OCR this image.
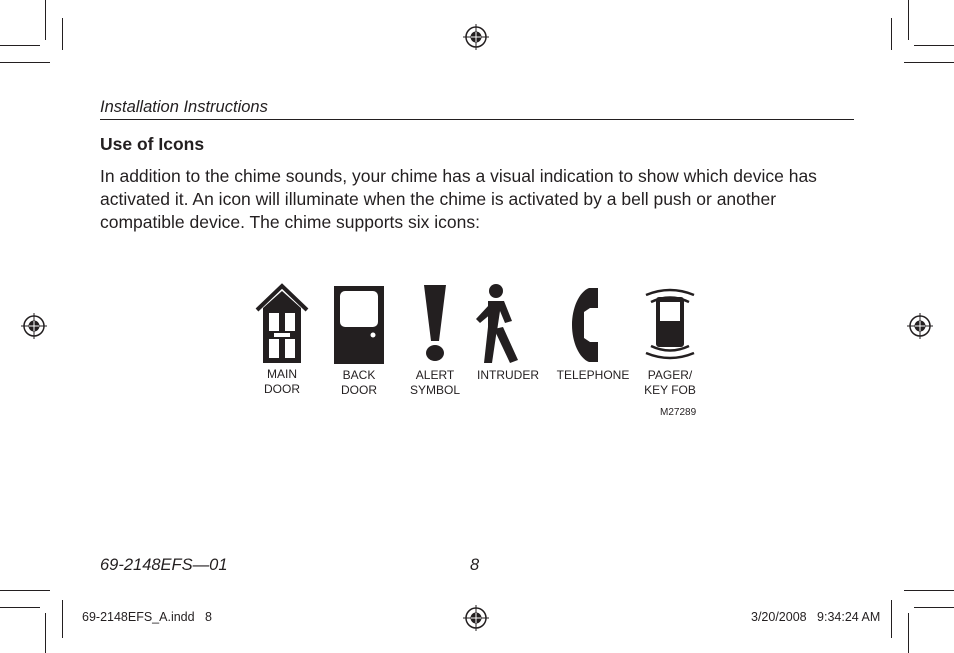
Installation Instructions
Use of Icons
In addition to the chime sounds, your chime has a visual indication to show which device has activated it. An icon will illuminate when the chime is activated by a bell push or another compatible device. The chime supports six icons:
MAIN
DOOR
BACK
DOOR
ALERT
SYMBOL
INTRUDER	TELEPHONE	PAGER/
KEY FOB
M27289
69-2148EFS—01	8
69-2148EFS_A.indd   8	3/20/2008   9:34:24 AM
